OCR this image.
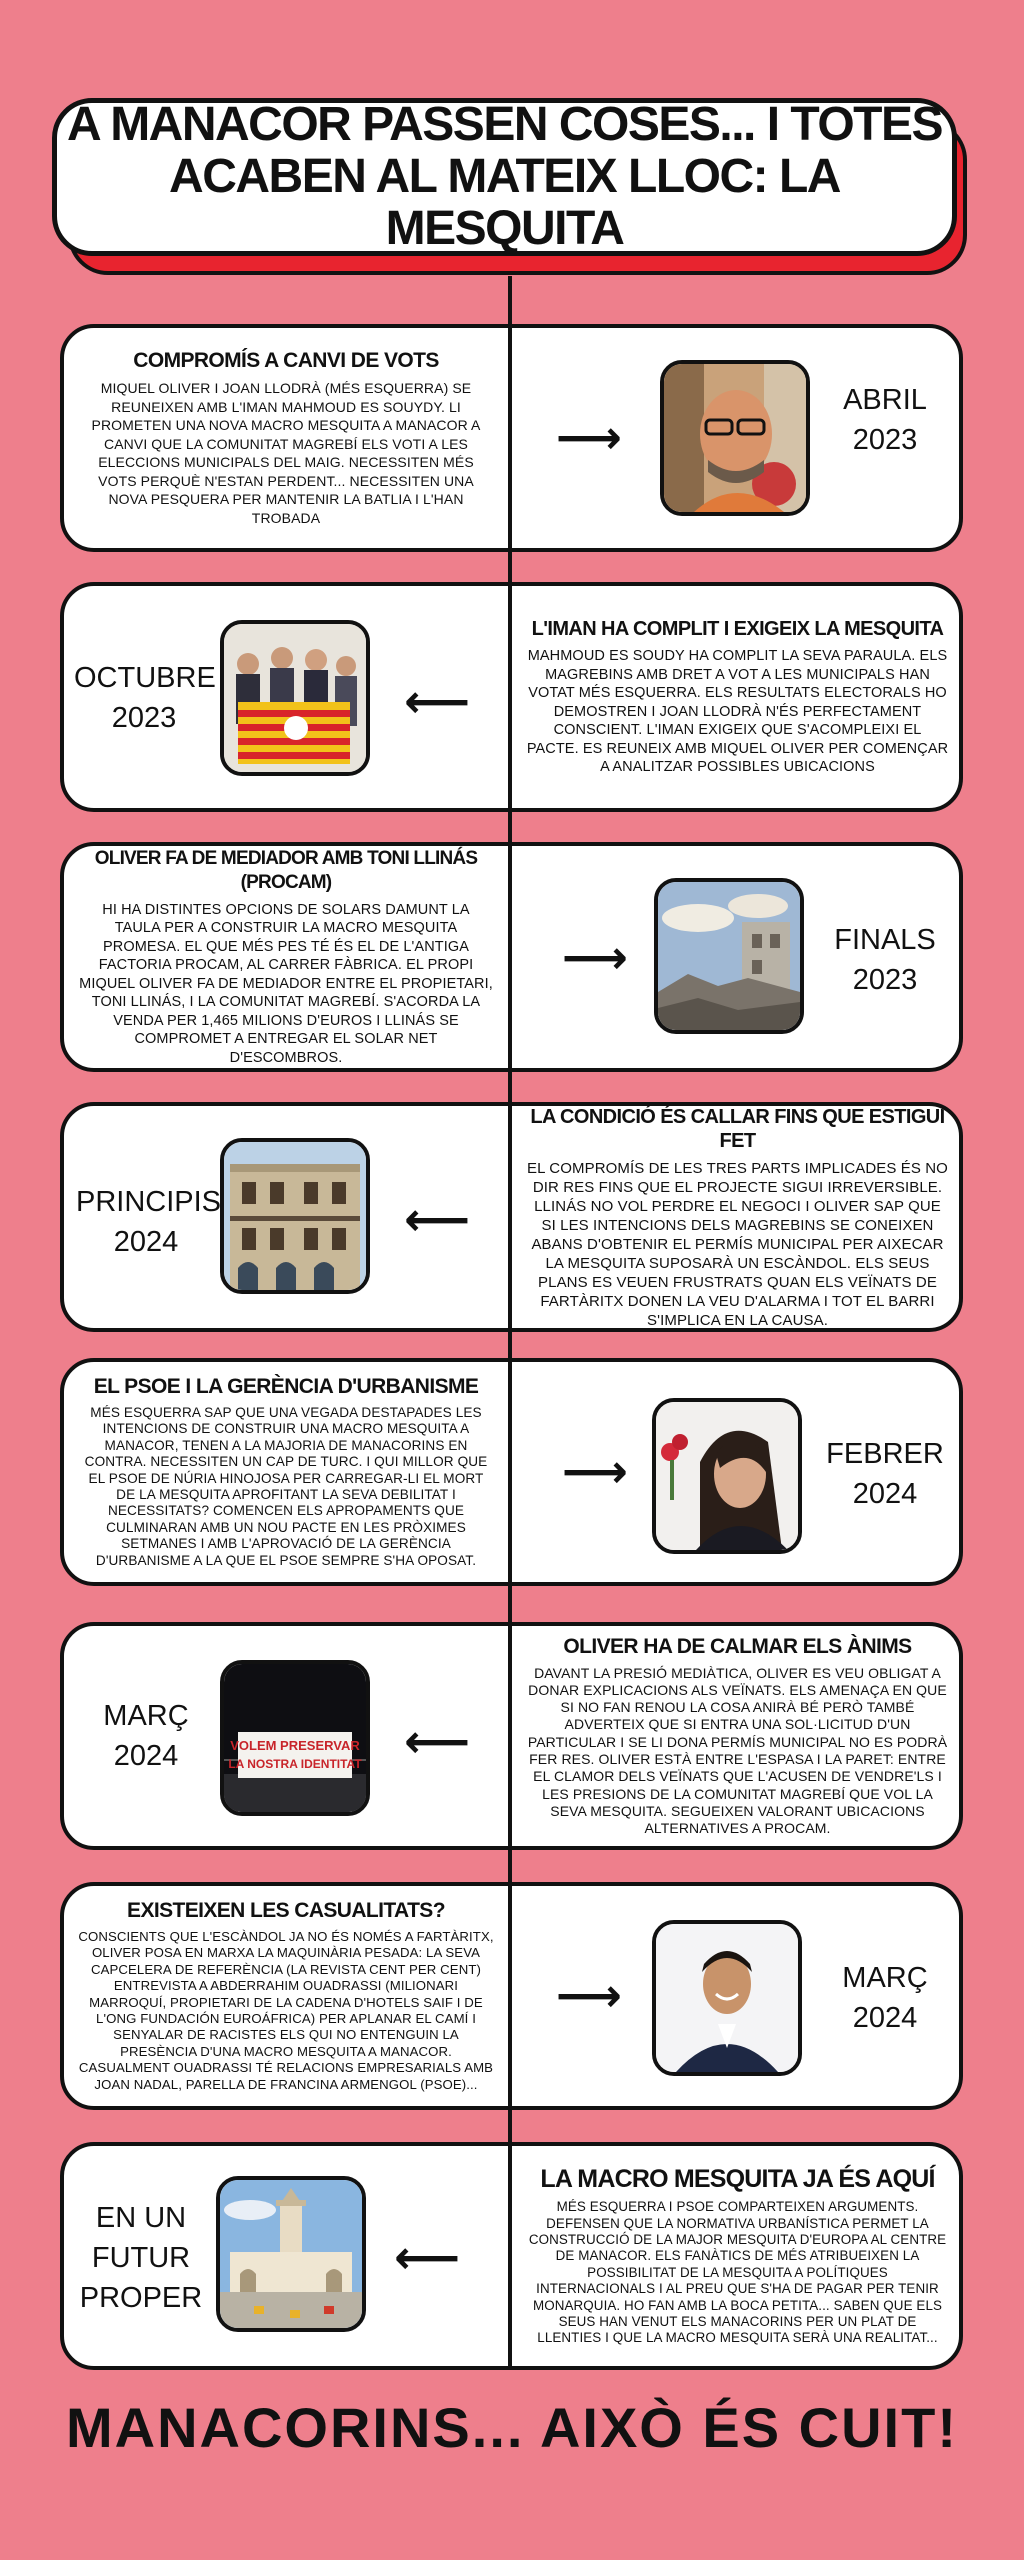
A MANACOR PASSEN COSES... I TOTES ACABEN AL MATEIX LLOC: LA MESQUITA
COMPROMÍS A CANVI DE VOTS

MIQUEL OLIVER I JOAN LLODRÀ (MÉS ESQUERRA) SE REUNEIXEN AMB L'IMAN MAHMOUD ES SOUYDY. LI PROMETEN UNA NOVA MACRO MESQUITA A MANACOR A CANVI QUE LA COMUNITAT MAGREBÍ ELS VOTI A LES ELECCIONS MUNICIPALS DEL MAIG. NECESSITEN MÉS VOTS PERQUÈ N'ESTAN PERDENT... NECESSITEN UNA NOVA PESQUERA PER MANTENIR LA BATLIA I L'HAN TROBADA

⟶
ABRIL
2023
OCTUBRE
2023	⟵
L'IMAN HA COMPLIT I EXIGEIX LA MESQUITA

MAHMOUD ES SOUDY HA COMPLIT LA SEVA PARAULA. ELS MAGREBINS AMB DRET A VOT A LES MUNICIPALS HAN VOTAT MÉS ESQUERRA. ELS RESULTATS ELECTORALS HO DEMOSTREN I JOAN LLODRÀ N'ÉS PERFECTAMENT CONSCIENT. L'IMAN EXIGEIX QUE S'ACOMPLEIXI EL PACTE. ES REUNEIX AMB MIQUEL OLIVER PER COMENÇAR A ANALITZAR POSSIBLES UBICACIONS

OLIVER FA DE MEDIADOR AMB TONI LLINÁS (PROCAM)

HI HA DISTINTES OPCIONS DE SOLARS DAMUNT LA TAULA PER A CONSTRUIR LA MACRO MESQUITA PROMESA. EL QUE MÉS PES TÉ ÉS EL DE L'ANTIGA FACTORIA PROCAM, AL CARRER FÀBRICA. EL PROPI MIQUEL OLIVER FA DE MEDIADOR ENTRE EL PROPIETARI, TONI LLINÁS, I LA COMUNITAT MAGREBÍ. S'ACORDA LA VENDA PER 1,465 MILIONS D'EUROS I LLINÁS SE COMPROMET A ENTREGAR EL SOLAR NET D'ESCOMBROS.

⟶	FINALS
2023
PRINCIPIS
2024	⟵
LA CONDICIÓ ÉS CALLAR FINS QUE ESTIGUI FET

EL COMPROMÍS DE LES TRES PARTS IMPLICADES ÉS NO DIR RES FINS QUE EL PROJECTE SIGUI IRREVERSIBLE. LLINÁS NO VOL PERDRE EL NEGOCI I OLIVER SAP QUE SI LES INTENCIONS DELS MAGREBINS SE CONEIXEN ABANS D'OBTENIR EL PERMÍS MUNICIPAL PER AIXECAR LA MESQUITA SUPOSARÀ UN ESCÀNDOL. ELS SEUS PLANS ES VEUEN FRUSTRATS QUAN ELS VEÏNATS DE FARTÀRITX DONEN LA VEU D'ALARMA I TOT EL BARRI S'IMPLICA EN LA CAUSA.

EL PSOE I LA GERÈNCIA D'URBANISME

MÉS ESQUERRA SAP QUE UNA VEGADA DESTAPADES LES INTENCIONS DE CONSTRUIR UNA MACRO MESQUITA A MANACOR, TENEN A LA MAJORIA DE MANACORINS EN CONTRA. NECESSITEN UN CAP DE TURC. I QUI MILLOR QUE EL PSOE DE NÚRIA HINOJOSA PER CARREGAR-LI EL MORT DE LA MESQUITA APROFITANT LA SEVA DEBILITAT I NECESSITATS? COMENCEN ELS APROPAMENTS QUE CULMINARAN AMB UN NOU PACTE EN LES PRÒXIMES SETMANES I AMB L'APROVACIÓ DE LA GERÈNCIA D'URBANISME A LA QUE EL PSOE SEMPRE S'HA OPOSAT.

⟶	FEBRER
2024
MARÇ
2024	VOLEM PRESERVAR
LA NOSTRA IDENTITAT ⟵
OLIVER HA DE CALMAR ELS ÀNIMS

DAVANT LA PRESIÓ MEDIÀTICA, OLIVER ES VEU OBLIGAT A DONAR EXPLICACIONS ALS VEÏNATS. ELS AMENAÇA EN QUE SI NO FAN RENOU LA COSA ANIRÀ BÉ PERÒ TAMBÉ ADVERTEIX QUE SI ENTRA UNA SOL·LICITUD D'UN PARTICULAR I SE LI DONA PERMÍS MUNICIPAL NO ES PODRÀ FER RES. OLIVER ESTÀ ENTRE L'ESPASA I LA PARET: ENTRE EL CLAMOR DELS VEÏNATS QUE L'ACUSEN DE VENDRE'LS I LES PRESIONS DE LA COMUNITAT MAGREBÍ QUE VOL LA SEVA MESQUITA. SEGUEIXEN VALORANT UBICACIONS ALTERNATIVES A PROCAM.

EXISTEIXEN LES CASUALITATS?

CONSCIENTS QUE L'ESCÀNDOL JA NO ÉS NOMÉS A FARTÀRITX, OLIVER POSA EN MARXA LA MAQUINÀRIA PESADA: LA SEVA CAPCELERA DE REFERÈNCIA (LA REVISTA CENT PER CENT) ENTREVISTA A ABDERRAHIM OUADRASSI (MILIONARI MARROQUÍ, PROPIETARI DE LA CADENA D'HOTELS SAIF I DE L'ONG FUNDACIÓN EUROÁFRICA) PER APLANAR EL CAMÍ I SENYALAR DE RACISTES ELS QUI NO ENTENGUIN LA PRESÈNCIA D'UNA MACRO MESQUITA A MANACOR. CASUALMENT OUADRASSI TÉ RELACIONS EMPRESARIALS AMB JOAN NADAL, PARELLA DE FRANCINA ARMENGOL (PSOE)...

⟶	MARÇ
2024
EN UN
FUTUR
PROPER
⟵
LA MACRO MESQUITA JA ÉS AQUÍ

MÉS ESQUERRA I PSOE COMPARTEIXEN ARGUMENTS. DEFENSEN QUE LA NORMATIVA URBANÍSTICA PERMET LA CONSTRUCCIÓ DE LA MAJOR MESQUITA D'EUROPA AL CENTRE DE MANACOR. ELS FANÀTICS DE MÉS ATRIBUEIXEN LA POSSIBILITAT DE LA MESQUITA A POLÍTIQUES INTERNACIONALS I AL PREU QUE S'HA DE PAGAR PER TENIR MONARQUIA. HO FAN AMB LA BOCA PETITA... SABEN QUE ELS SEUS HAN VENUT ELS MANACORINS PER UN PLAT DE LLENTIES I QUE LA MACRO MESQUITA SERÀ UNA REALITAT...

MANACORINS... AIXÒ ÉS CUIT!
